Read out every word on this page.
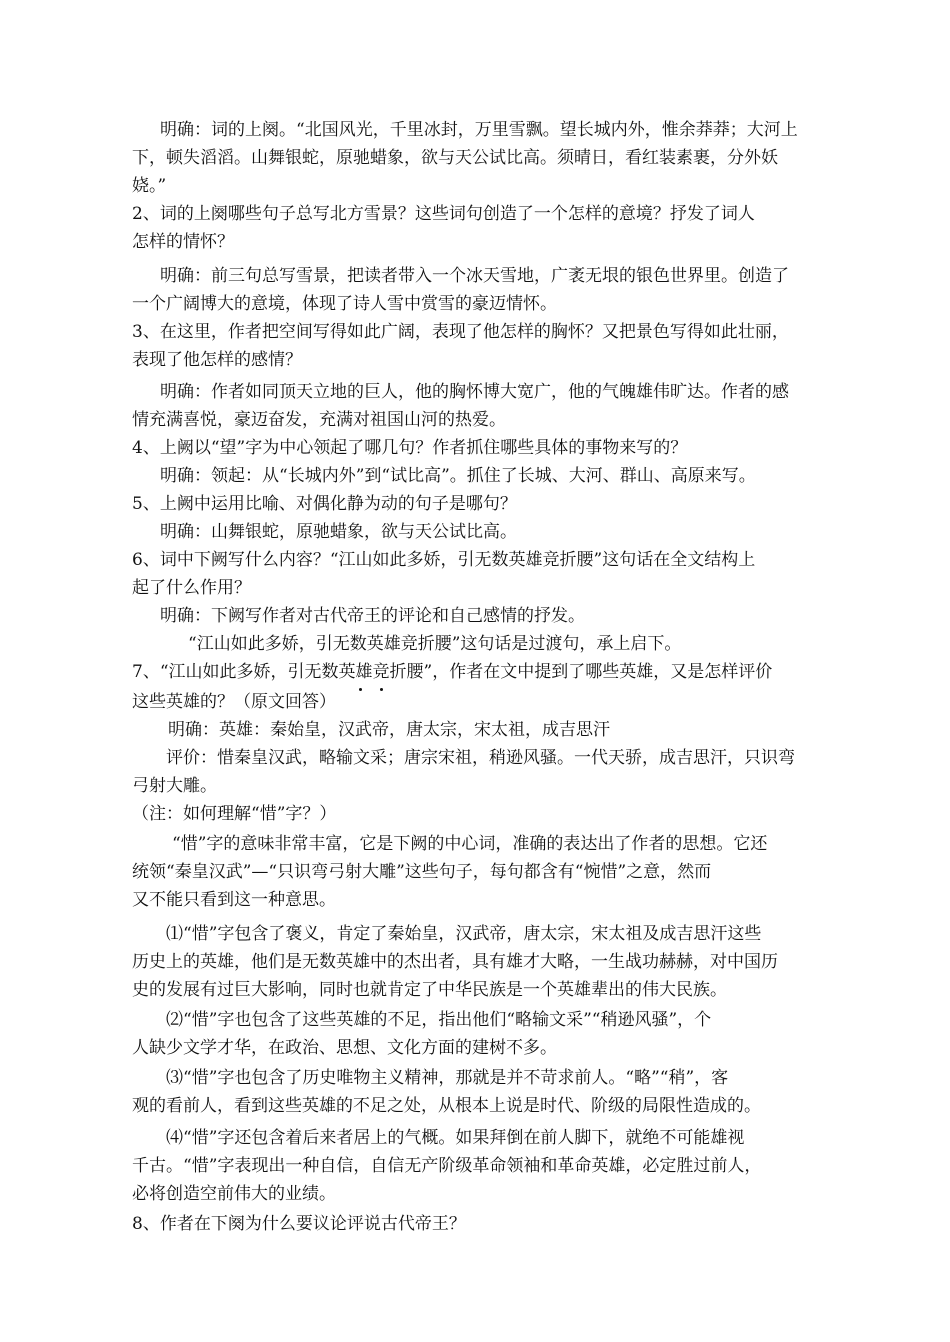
明确：词的上阕。“北国风光，千里冰封，万里雪飘。望长城内外，惟余莽莽；大河上
下，顿失滔滔。山舞银蛇，原驰蜡象，欲与天公试比高。须晴日，看红装素裹，分外妖
娆。”
2、词的上阕哪些句子总写北方雪景？这些词句创造了一个怎样的意境？抒发了词人
怎样的情怀？
明确：前三句总写雪景，把读者带入一个冰天雪地，广袤无垠的银色世界里。创造了
一个广阔博大的意境，体现了诗人雪中赏雪的豪迈情怀。
3、在这里，作者把空间写得如此广阔，表现了他怎样的胸怀？又把景色写得如此壮丽，
表现了他怎样的感情？
明确：作者如同顶天立地的巨人，他的胸怀博大宽广，他的气魄雄伟旷达。作者的感
情充满喜悦，豪迈奋发，充满对祖国山河的热爱。
4、上阙以“望”字为中心领起了哪几句？作者抓住哪些具体的事物来写的？
明确：领起：从“长城内外”到“试比高”。抓住了长城、大河、群山、高原来写。
5、上阙中运用比喻、对偶化静为动的句子是哪句？
明确：山舞银蛇，原驰蜡象，欲与天公试比高。
6、词中下阙写什么内容？“江山如此多娇，引无数英雄竞折腰”这句话在全文结构上
起了什么作用？
明确：下阙写作者对古代帝王的评论和自己感情的抒发。
“江山如此多娇，引无数英雄竞折腰”这句话是过渡句，承上启下。
7、“江山如此多娇，引无数英雄竞折腰”，作者在文中提到了哪些英雄，又是怎样评价
这些英雄的？（原文回答）
明确：英雄：秦始皇，汉武帝，唐太宗，宋太祖，成吉思汗
评价：惜秦皇汉武，略输文采；唐宗宋祖，稍逊风骚。一代天骄，成吉思汗，只识弯
弓射大雕。
（注：如何理解“惜”字？）
“惜”字的意味非常丰富，它是下阙的中心词，准确的表达出了作者的思想。它还
统领“秦皇汉武”—“只识弯弓射大雕”这些句子，每句都含有“惋惜”之意，然而
又不能只看到这一种意思。
⑴“惜”字包含了褒义，肯定了秦始皇，汉武帝，唐太宗，宋太祖及成吉思汗这些
历史上的英雄，他们是无数英雄中的杰出者，具有雄才大略，一生战功赫赫，对中国历
史的发展有过巨大影响，同时也就肯定了中华民族是一个英雄辈出的伟大民族。
⑵“惜”字也包含了这些英雄的不足，指出他们“略输文采”“稍逊风骚”，个
人缺少文学才华，在政治、思想、文化方面的建树不多。
⑶“惜”字也包含了历史唯物主义精神，那就是并不苛求前人。“略”“稍”，客
观的看前人，看到这些英雄的不足之处，从根本上说是时代、阶级的局限性造成的。
⑷“惜”字还包含着后来者居上的气概。如果拜倒在前人脚下，就绝不可能雄视
千古。“惜”字表现出一种自信，自信无产阶级革命领袖和革命英雄，必定胜过前人，
必将创造空前伟大的业绩。
8、作者在下阕为什么要议论评说古代帝王？
